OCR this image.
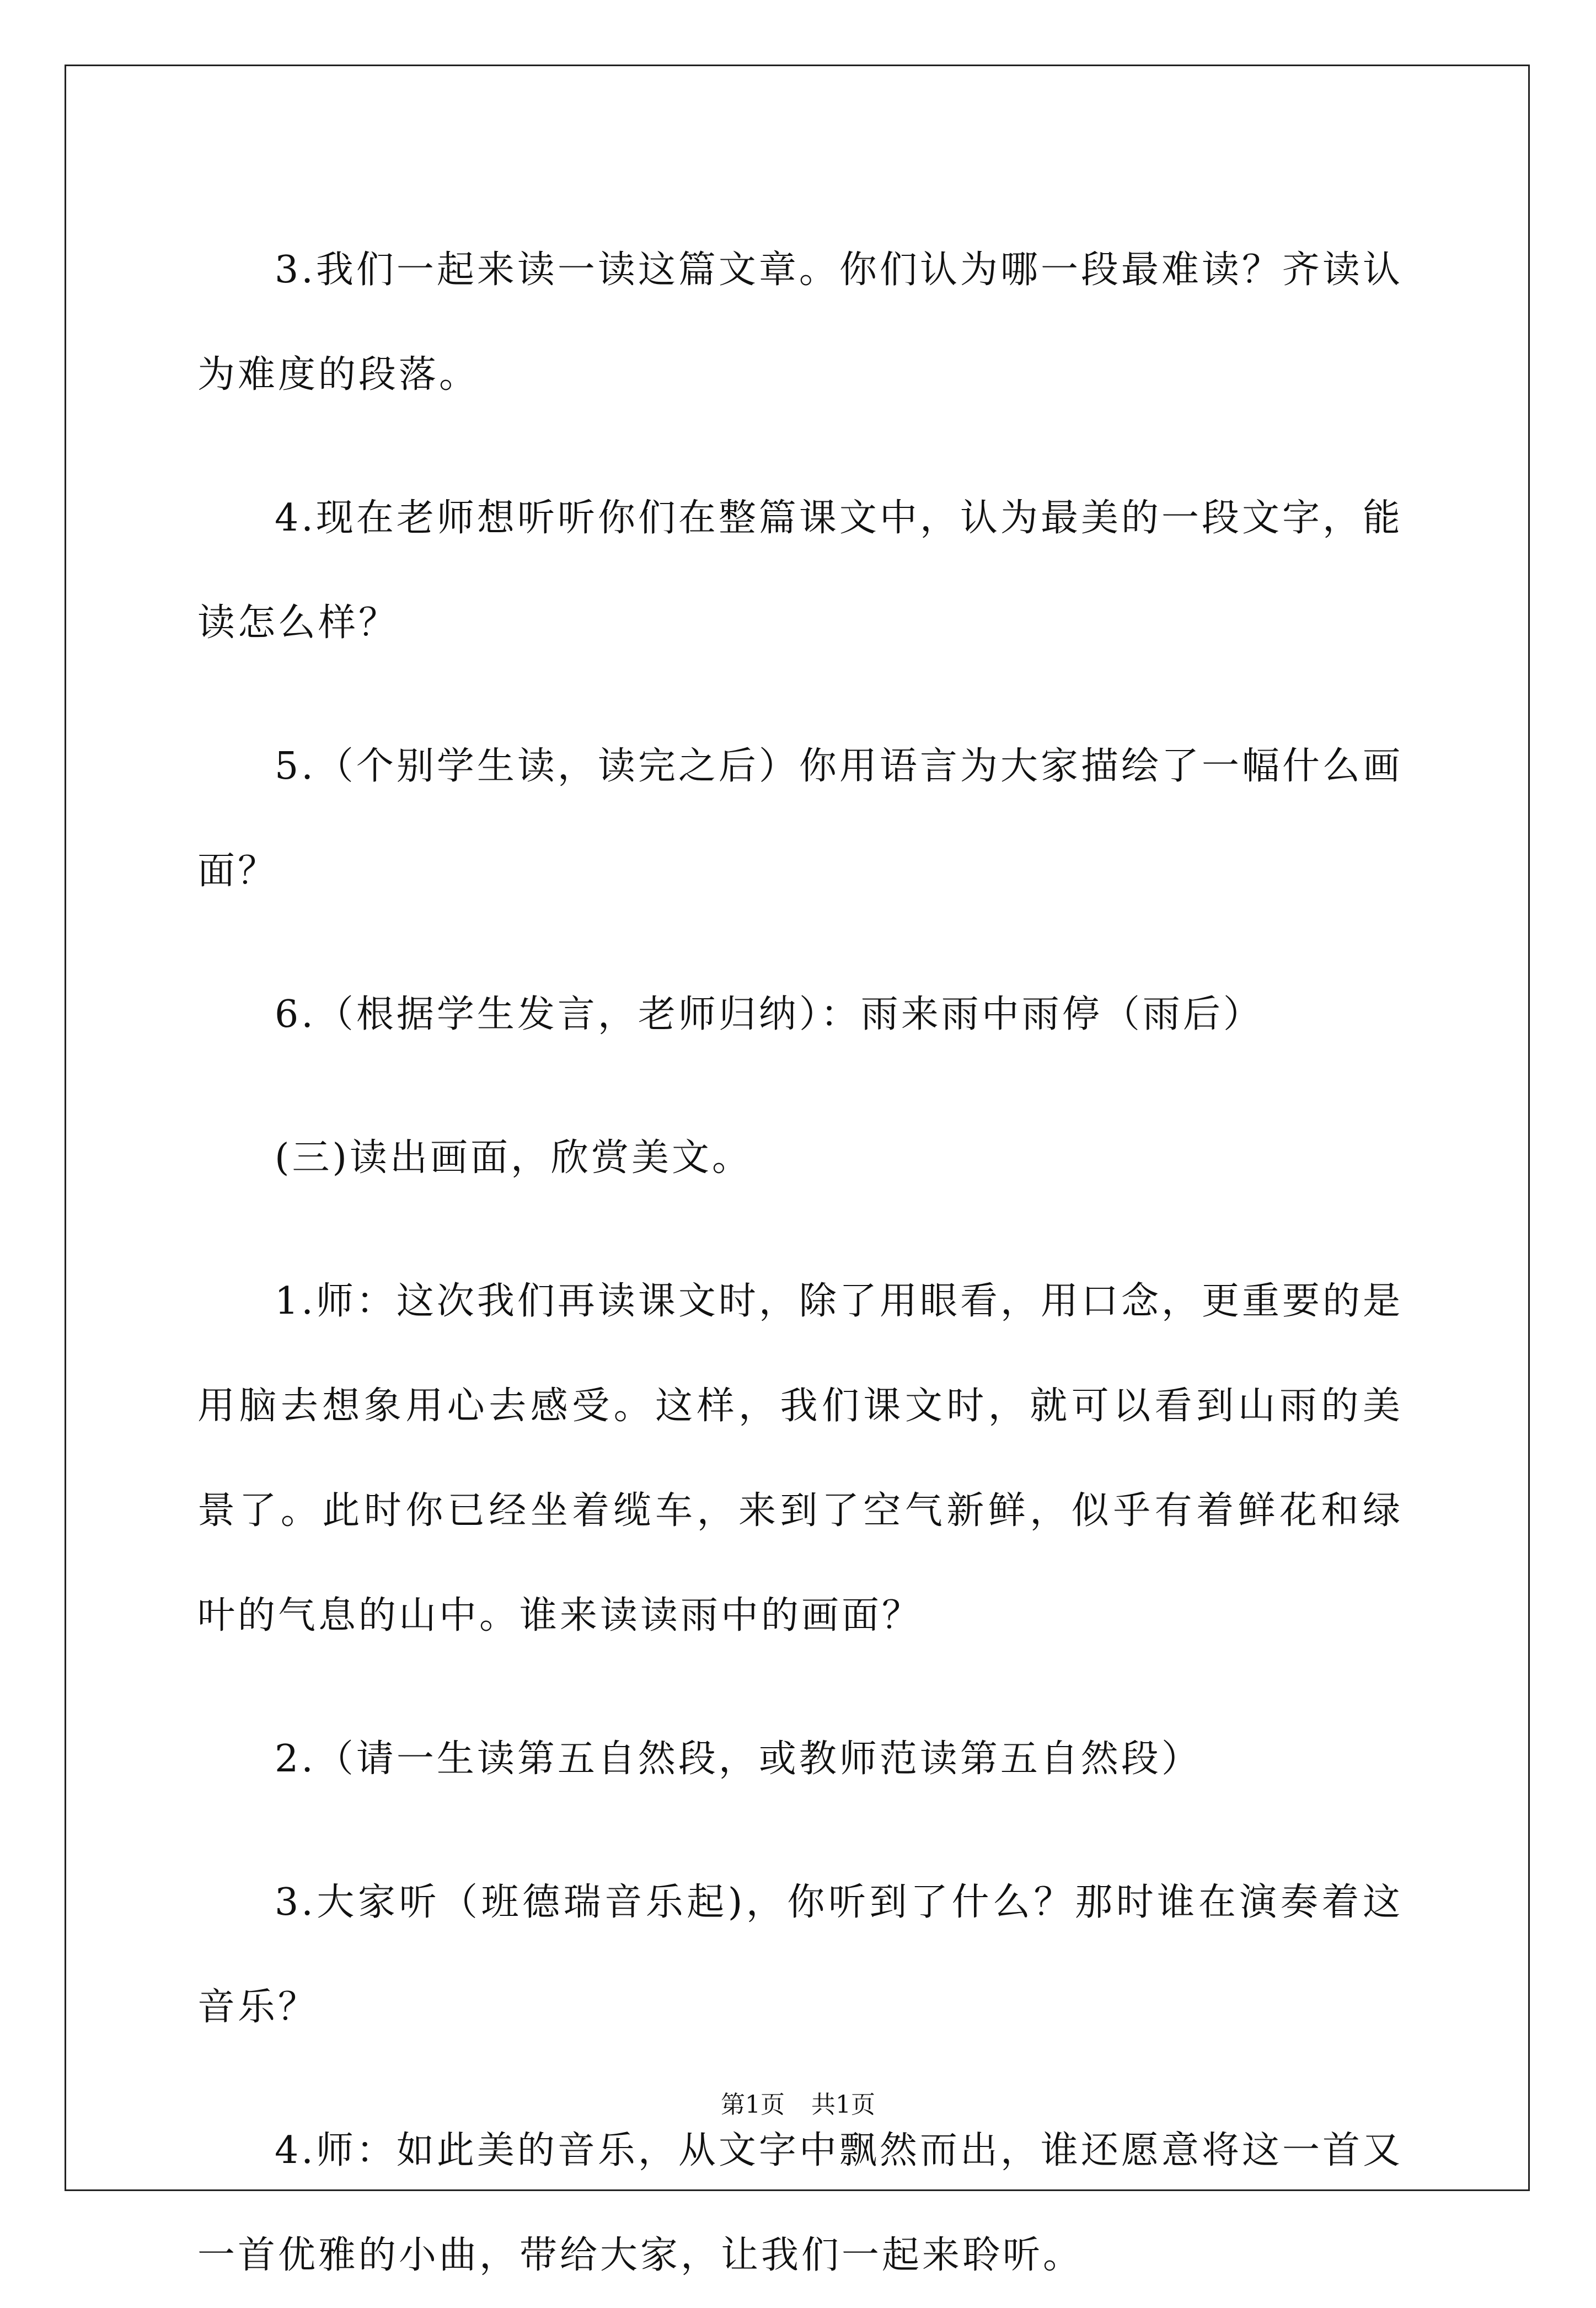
3.我们一起来读一读这篇文章。你们认为哪一段最难读？齐读认为难度的段落。

4.现在老师想听听你们在整篇课文中，认为最美的一段文字，能读怎么样？

5.（个别学生读，读完之后）你用语言为大家描绘了一幅什么画面？

6.（根据学生发言，老师归纳）：雨来雨中雨停（雨后）

(三)读出画面，欣赏美文。

1.师：这次我们再读课文时，除了用眼看，用口念，更重要的是用脑去想象用心去感受。这样，我们课文时，就可以看到山雨的美景了。此时你已经坐着缆车，来到了空气新鲜，似乎有着鲜花和绿叶的气息的山中。谁来读读雨中的画面？

2.（请一生读第五自然段，或教师范读第五自然段）

3.大家听（班德瑞音乐起)，你听到了什么？那时谁在演奏着这音乐？

4.师：如此美的音乐，从文字中飘然而出，谁还愿意将这一首又一首优雅的小曲，带给大家，让我们一起来聆听。

第1页 共1页
